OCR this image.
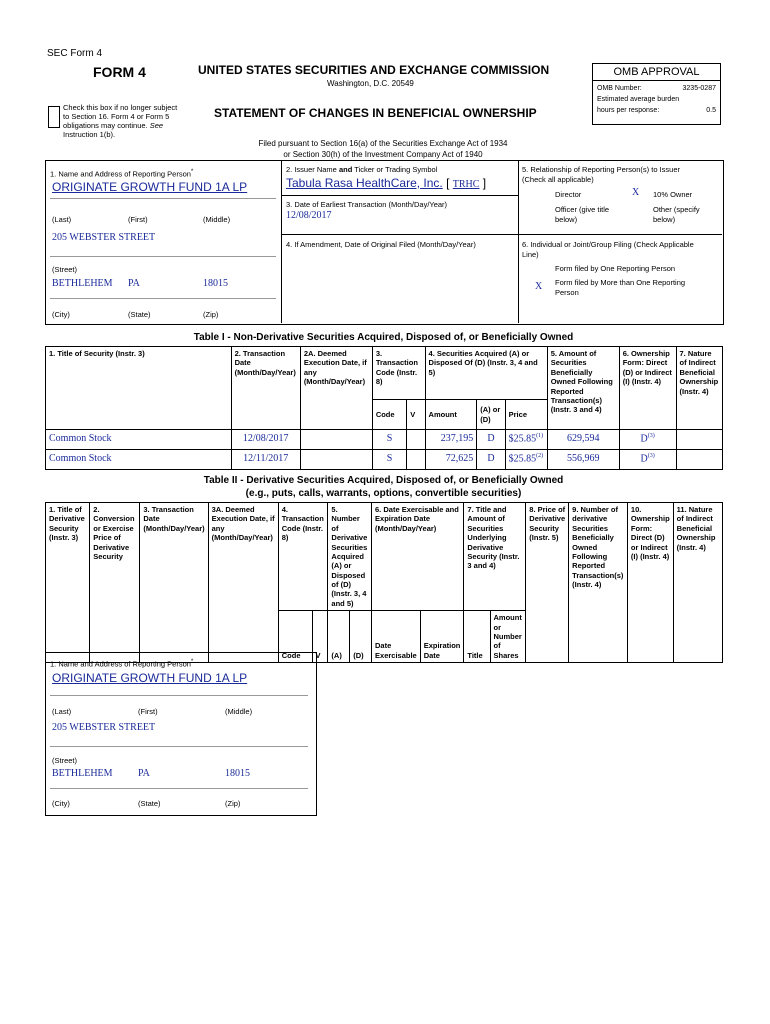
SEC Form 4
FORM 4	UNITED STATES SECURITIES AND EXCHANGE COMMISSION
Washington, D.C. 20549
STATEMENT OF CHANGES IN BENEFICIAL OWNERSHIP
Check this box if no longer subject
to Section 16. Form 4 or Form 5
obligations may continue. See
Instruction 1(b).
Filed pursuant to Section 16(a) of the Securities Exchange Act of 1934
or Section 30(h) of the Investment Company Act of 1940
OMB APPROVAL
OMB Number:	3235-0287
Estimated average burden
hours per response:	0.5
1. Name and Address of Reporting Person*
ORIGINATE GROWTH FUND 1A LP
(Last)	(First)	(Middle)
205 WEBSTER STREET
(Street)
BETHLEHEM PA	18015
(City)	(State)	(Zip)
2. Issuer Name and Ticker or Trading Symbol
Tabula Rasa HealthCare, Inc. [ TRHC ]
3. Date of Earliest Transaction (Month/Day/Year)
12/08/2017
4. If Amendment, Date of Original Filed (Month/Day/Year)
5. Relationship of Reporting Person(s) to Issuer
(Check all applicable)
Director	X 10% Owner
Officer (give title
below)
Other (specify
below)
6. Individual or Joint/Group Filing (Check Applicable
Line)
Form filed by One Reporting Person
X Form filed by More than One Reporting
Person
Table I - Non-Derivative Securities Acquired, Disposed of, or Beneficially Owned
1. Title of Security (Instr. 3)	2. Transaction Date (Month/Day/Year)	2A. Deemed Execution Date, if any (Month/Day/Year)	3. Transaction Code (Instr. 8)		4. Securities Acquired (A) or Disposed Of (D) (Instr. 3, 4 and 5)			5. Amount of Securities Beneficially Owned Following Reported Transaction(s) (Instr. 3 and 4)	6. Ownership Form: Direct (D) or Indirect (I) (Instr. 4)	7. Nature of Indirect Beneficial Ownership (Instr. 4)
			Code	V	Amount	(A) or (D)	Price			
Common Stock	12/08/2017		S		237,195	D	$25.85$^{(1)}$	629,594	$D^{(3)}$	
Common Stock	12/11/2017		S		72,625	D	$25.85$^{(2)}$	556,969	$D^{(3)}$	
Table II - Derivative Securities Acquired, Disposed of, or Beneficially Owned
(e.g., puts, calls, warrants, options, convertible securities)
1. Title of Derivative Security (Instr. 3)	2. Conversion or Exercise Price of Derivative Security	3. Transaction Date (Month/Day/Year)	3A. Deemed Execution Date, if any (Month/Day/Year)	4. Transaction Code (Instr. 8)		5. Number of Derivative Securities Acquired (A) or Disposed of (D) (Instr. 3, 4 and 5)		6. Date Exercisable and Expiration Date (Month/Day/Year)		7. Title and Amount of Securities Underlying Derivative Security (Instr. 3 and 4)		8. Price of Derivative Security (Instr. 5)	9. Number of derivative Securities Beneficially Owned Following Reported Transaction(s) (Instr. 4)	10. Ownership Form: Direct (D) or Indirect (I) (Instr. 4)	11. Nature of Indirect Beneficial Ownership (Instr. 4)
				Code	V	(A)	(D)	Date Exercisable	Expiration Date	Title	Amount or Number of Shares				
1. Name and Address of Reporting Person*
ORIGINATE GROWTH FUND 1A LP
(Last)	(First)	(Middle)
205 WEBSTER STREET
(Street)
BETHLEHEM	PA	18015
(City)	(State)	(Zip)
